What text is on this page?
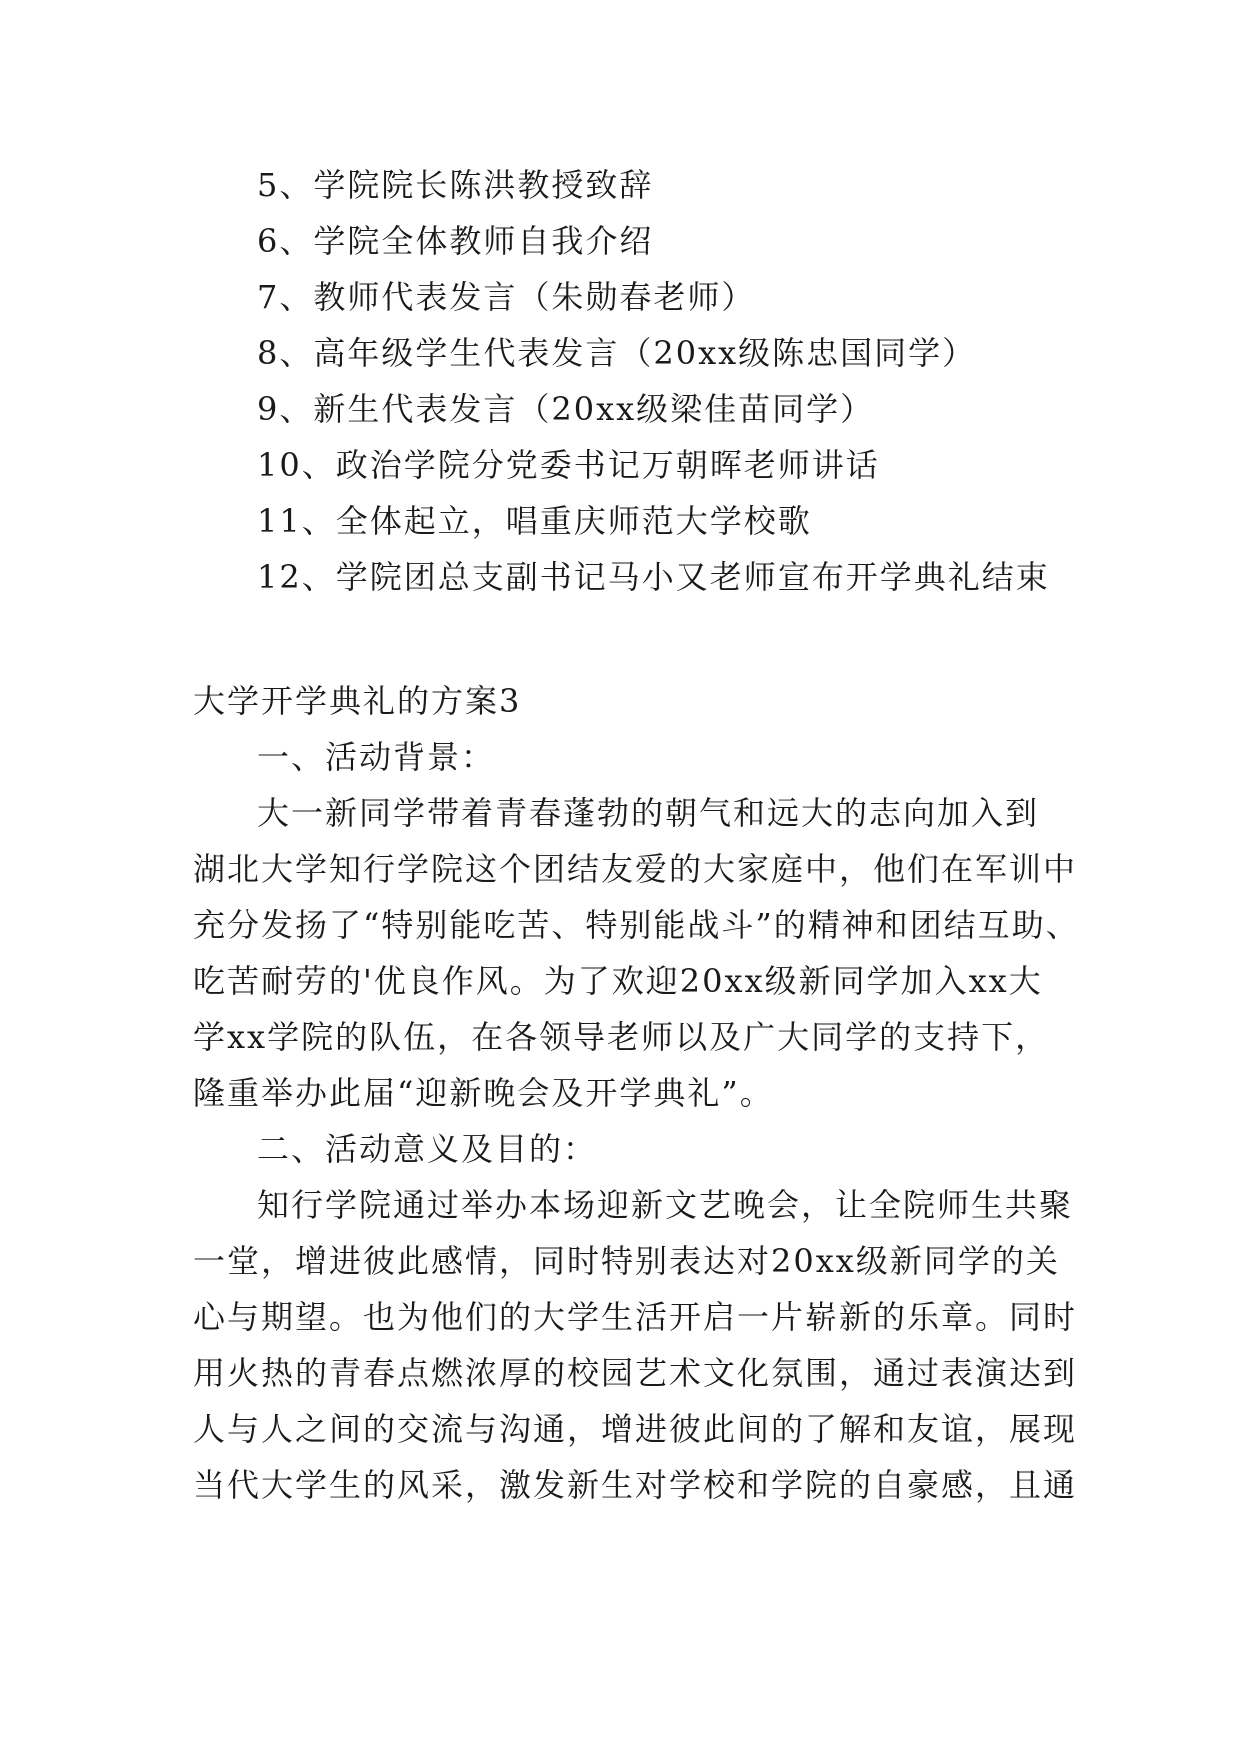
5、学院院长陈洪教授致辞
6、学院全体教师自我介绍
7、教师代表发言（朱勋春老师）
8、高年级学生代表发言（20xx级陈忠国同学）
9、新生代表发言（20xx级梁佳苗同学）
10、政治学院分党委书记万朝晖老师讲话
11、全体起立，唱重庆师范大学校歌
12、学院团总支副书记马小又老师宣布开学典礼结束
大学开学典礼的方案3
一、活动背景：
大一新同学带着青春蓬勃的朝气和远大的志向加入到
湖北大学知行学院这个团结友爱的大家庭中，他们在军训中
充分发扬了“特别能吃苦、特别能战斗”的精神和团结互助、
吃苦耐劳的'优良作风。为了欢迎20xx级新同学加入xx大
学xx学院的队伍，在各领导老师以及广大同学的支持下，
隆重举办此届“迎新晚会及开学典礼”。
二、活动意义及目的：
知行学院通过举办本场迎新文艺晚会，让全院师生共聚
一堂，增进彼此感情，同时特别表达对20xx级新同学的关
心与期望。也为他们的大学生活开启一片崭新的乐章。同时
用火热的青春点燃浓厚的校园艺术文化氛围，通过表演达到
人与人之间的交流与沟通，增进彼此间的了解和友谊，展现
当代大学生的风采，激发新生对学校和学院的自豪感，且通
